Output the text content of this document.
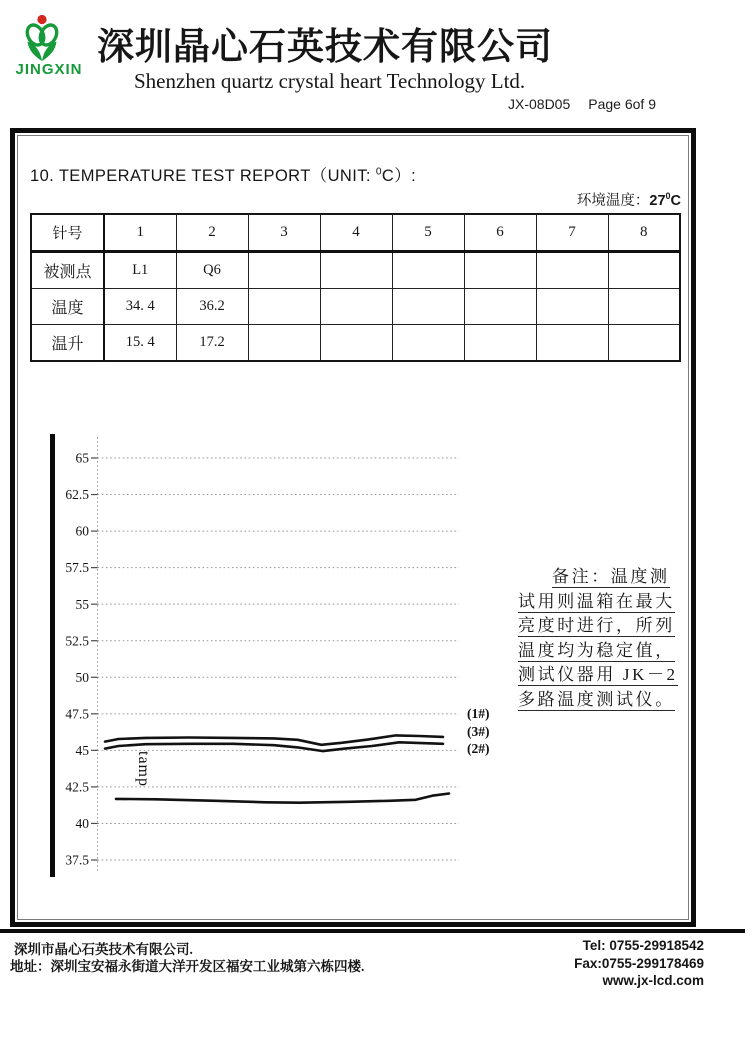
JINGXIN
深圳晶心石英技术有限公司
Shenzhen quartz crystal heart Technology Ltd.
JX-08D05 Page 6of 9
10. TEMPERATURE TEST REPORT（UNIT: $^0$C）:
环境温度：$27^0C$
针号	1	2	3	4	5	6	7	8
被测点	L1	Q6						
温度	34. 4	36.2						
温升	15. 4	17.2						
65
62.5
60
57.5
55
52.5
50
47.5
45
42.5
40
37.5
(1#)
(3#)
(2#)
tamp
备注：温度测
试用则温箱在最大
亮度时进行，所列
温度均为稳定值，
测试仪器用 JK－2
多路温度测试仪。
深圳市晶心石英技术有限公司.
地址：深圳宝安福永街道大洋开发区福安工业城第六栋四楼.
Tel: 0755-29918542
Fax:0755-299178469
www.jx-lcd.com
